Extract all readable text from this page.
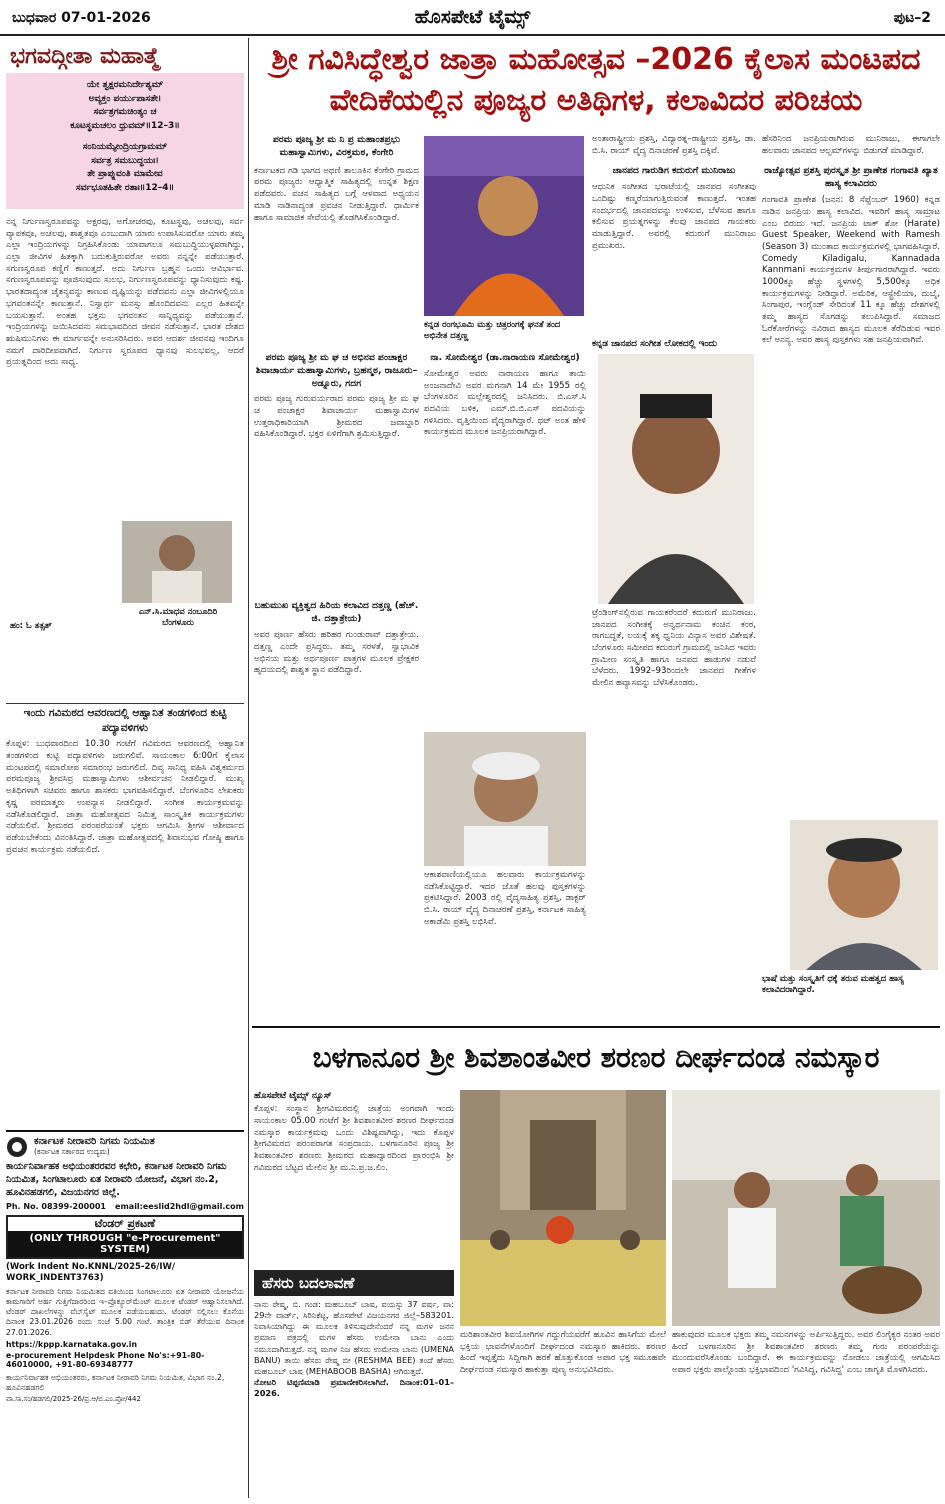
ಹೊಸಪೇಟೆ ಟೈಮ್ಸ್
ಬುಧವಾರ 07-01-2026	ಪುಟ–2
ಭಗವದ್ಗೀತಾ ಮಹಾತ್ಮೆ

ಯೇ ತ್ವಕ್ಷರಮನಿರ್ದೇಶ್ಯಮ್
ಅವ್ಯಕ್ತಂ ಪರ್ಯುಪಾಸತೇ।
ಸರ್ವತ್ರಗಮಚಿಂತ್ಯಂ ಚ
ಕೂಟಸ್ಥಮಚಲಂ ಧ್ರುವಮ್॥12–3॥

ಸಂನಿಯಮ್ಯೇಂದ್ರಿಯಗ್ರಾಮಮ್
ಸರ್ವತ್ರ ಸಮಬುದ್ಧಯಃ।
ತೇ ಪ್ರಾಪ್ನುವಂತಿ ಮಾಮೇವ
ಸರ್ವಭೂತಹಿತೇ ರತಾಃ॥12–4॥

ನನ್ನ ನಿರ್ಗುಣಸ್ವರೂಪವನ್ನು ಅಕ್ಷರವು, ಅಗೋಚರವು, ಕೂಟಸ್ಥವು, ಅಚಲವು, ಸರ್ವ ವ್ಯಾಪಕವೂ, ಅಚಲವು, ಶಾಶ್ವತವೂ ಎಂಬುದಾಗಿ ಯಾರು ಉಪಾಸಿಸುವರೋ ಯಾರು ತಮ್ಮ ಎಲ್ಲಾ ಇಂದ್ರಿಯಗಳನ್ನು ನಿಗ್ರಹಿಸಿಕೊಂಡು ಯಾವಾಗಲೂ ಸಮಬುದ್ಧಿಯುಳ್ಳವರಾಗಿದ್ದು, ಎಲ್ಲಾ ಜೀವಿಗಳ ಹಿತಕ್ಕಾಗಿ ಬದುಕುತ್ತಿರುವರೋ ಅವರು ನನ್ನನ್ನೇ ಪಡೆಯುತ್ತಾರೆ. ಸಗುಣಸ್ವರೂಪ ಕಣ್ಣಿಗೆ ಕಾಣುತ್ತದೆ. ಅದು ನಿರ್ಗುಣ ಬ್ರಹ್ಮನ ಒಂದು ಆವಿರ್ಭಾವ. ಸಗುಣಸ್ವರೂಪವನ್ನು ಪೂಜಿಸುವುದು ಸುಲಭ, ನಿರ್ಗುಣಸ್ವರೂಪವನ್ನು ಧ್ಯಾನಿಸುವುದು ಕಷ್ಟ. ಭಾರತದಾದ್ಯಂತ ಚೈತನ್ಯವನ್ನು ಕಾಣುವ ದೃಷ್ಟಿಯನ್ನು ಪಡೆದವನು ಎಲ್ಲಾ ಜೀವಿಗಳಲ್ಲಿಯೂ ಭಗವಂತನನ್ನೇ ಕಾಣುತ್ತಾನೆ. ನಿಸ್ವಾರ್ಥ ಮನಸ್ಸು ಹೊಂದಿದವನು ಎಲ್ಲರ ಹಿತವನ್ನೇ ಬಯಸುತ್ತಾನೆ. ಅಂತಹ ಭಕ್ತನು ಭಗವಂತನ ಸಾನ್ನಿಧ್ಯವನ್ನು ಪಡೆಯುತ್ತಾನೆ. ಇಂದ್ರಿಯಗಳನ್ನು ಜಯಿಸಿದವನು ಸಮಭಾವದಿಂದ ಜೀವನ ನಡೆಸುತ್ತಾನೆ. ಭಾರತ ದೇಶದ ಋಷಿಮುನಿಗಳು ಈ ಮಾರ್ಗವನ್ನೇ ಅನುಸರಿಸಿದರು. ಅವರ ಆದರ್ಶ ಜೀವನವು ಇಂದಿಗೂ ನಮಗೆ ದಾರಿದೀಪವಾಗಿದೆ. ನಿರ್ಗುಣ ಸ್ವರೂಪದ ಧ್ಯಾನವು ಸುಲಭವಲ್ಲ, ಆದರೆ ಪ್ರಯತ್ನದಿಂದ ಅದು ಸಾಧ್ಯ.
ಎನ್.ಸಿ.ಮಾಧವ ನಂಬೂದಿರಿ
ಬೆಂಗಳೂರು
ಹಂ: ಓ ತತ್ಸತ್
ಇಂದು ಗವಿಮಠದ ಆವರಣದಲ್ಲಿ ಆಹ್ವಾನಿತ ತಂಡಗಳಿಂದ ಕುಟ್ಟಿ ಪದ್ಯಾವಳಿಗಳು
ಕೊಪ್ಪಳ: ಬುಧವಾರದಿಂದ 10.30 ಗಂಟೆಗೆ ಗವಿಮಠದ ಆವರಣದಲ್ಲಿ ಆಹ್ವಾನಿತ ತಂಡಗಳಿಂದ ಕುಟ್ಟಿ ಪದ್ಯಾವಳಿಗಳು ಜರುಗಲಿವೆ. ಸಾಯಂಕಾಲ 6:00ಗೆ ಕೈಲಾಸ ಮಂಟಪದಲ್ಲಿ ಸಮಾರೋಪ ಸಮಾರಂಭ ಜರುಗಲಿದೆ. ದಿವ್ಯ ಸಾನಿಧ್ಯ ವಹಿಸಿ ವಿಶ್ವಕರ್ಮದ ಪರಮಪೂಜ್ಯ ಶ್ರೀವಸಿವ್ರ ಮಹಾಸ್ವಾಮಿಗಳು ಆಶೀರ್ವಚನ ನೀಡಲಿದ್ದಾರೆ. ಮುಖ್ಯ ಅತಿಥಿಗಳಾಗಿ ಸಚಿವರು ಹಾಗೂ ಶಾಸಕರು ಭಾಗವಹಿಸಲಿದ್ದಾರೆ. ಬೆಂಗಳೂರಿನ ಲೇಖಕರು ಕೃಷ್ಣ ಪರಮಾತ್ಮರು ಉಪನ್ಯಾಸ ನೀಡಲಿದ್ದಾರೆ. ಸಂಗೀತ ಕಾರ್ಯಕ್ರಮವನ್ನು ನಡೆಸಿಕೊಡಲಿದ್ದಾರೆ. ಜಾತ್ರಾ ಮಹೋತ್ಸವದ ನಿಮಿತ್ತ ಸಾಂಸ್ಕೃತಿಕ ಕಾರ್ಯಕ್ರಮಗಳು ನಡೆಯಲಿವೆ. ಶ್ರೀಮಠದ ಪರಂಪರೆಯಂತೆ ಭಕ್ತರು ಆಗಮಿಸಿ ಶ್ರೀಗಳ ಆಶೀರ್ವಾದ ಪಡೆಯಬೇಕೆಂದು ವಿನಂತಿಸಿದ್ದಾರೆ. ಜಾತ್ರಾ ಮಹೋತ್ಸವದಲ್ಲಿ ಶಿವಾನುಭವ ಗೋಷ್ಠಿ ಹಾಗೂ ಪ್ರವಚನ ಕಾರ್ಯಕ್ರಮ ನಡೆಯಲಿದೆ.
ಕರ್ನಾಟಕ ನೀರಾವರಿ ನಿಗಮ ನಿಯಮಿತ
(ಕರ್ನಾಟಕ ಸರ್ಕಾರದ ಉದ್ಯಮ)
ಕಾರ್ಯನಿರ್ವಾಹಕ ಅಭಿಯಂತರರವರ ಕಛೇರಿ, ಕರ್ನಾಟಕ ನೀರಾವರಿ ನಿಗಮ ನಿಯಮಿತ, ಸಿಂಗಟಾಲೂರು ಏತ ನೀರಾವರಿ ಯೋಜನೆ, ವಿಭಾಗ ನಂ.2, ಹೂವಿನಹಡಗಲಿ, ವಿಜಯನಗರ ಜಿಲ್ಲೆ.
Ph. No. 08399-200001 email:eeslid2hdl@gmail.com
ಟೆಂಡರ್ ಪ್ರಕಟಣೆ
(ONLY THROUGH "e-Procurement" SYSTEM)
(Work Indent No.KNNL/2025-26/IW/
WORK_INDENT3763)
ಕರ್ನಾಟಕ ನೀರಾವರಿ ನಿಗಮ ನಿಯಮಿತದ ವತಿಯಿಂದ ಸಿಂಗಟಾಲೂರು ಏತ ನೀರಾವರಿ ಯೋಜನೆಯ ಕಾಮಗಾರಿಗೆ ಅರ್ಹ ಗುತ್ತಿಗೆದಾರರಿಂದ ಇ–ಪ್ರೊಕ್ಯೂರ್‌ಮೆಂಟ್ ಮೂಲಕ ಟೆಂಡರ್ ಆಹ್ವಾನಿಸಲಾಗಿದೆ. ಟೆಂಡರ್ ದಾಖಲೆಗಳನ್ನು ವೆಬ್‌ಸೈಟ್ ಮೂಲಕ ಪಡೆಯಬಹುದು. ಟೆಂಡರ್ ಸಲ್ಲಿಸಲು ಕೊನೆಯ ದಿನಾಂಕ 23.01.2026 ರಂದು ಸಂಜೆ 5.00 ಗಂಟೆ. ತಾಂತ್ರಿಕ ಬಿಡ್ ತೆರೆಯುವ ದಿನಾಂಕ 27.01.2026.
https://kppp.karnataka.gov.in
e-procurement Helpdesk Phone No's:+91-80-46010000, +91-80-69348777
ಕಾರ್ಯನಿರ್ವಾಹಕ ಅಭಿಯಂತರರು, ಕರ್ನಾಟಕ ನೀರಾವರಿ ನಿಗಮ ನಿಯಮಿತ, ವಿಭಾಗ ನಂ.2, ಹೂವಿನಹಡಗಲಿ
ವಾ.ಸಾ.ಸಂ/ಹಡಗಲಿ/2025-26/ಪ್ರ.ಆ/ಬಿ.ಎಂ.ಪ್ರೋ/442
ಶ್ರೀ ಗವಿಸಿದ್ಧೇಶ್ವರ ಜಾತ್ರಾ ಮಹೋತ್ಸವ –2026 ಕೈಲಾಸ ಮಂಟಪದ
ವೇದಿಕೆಯಲ್ಲಿನ ಪೂಜ್ಯರ ಅತಿಥಿಗಳ, ಕಲಾವಿದರ ಪರಿಚಯ
ಪರಮ ಪೂಜ್ಯ ಶ್ರೀ ಮ ನಿ ಪ್ರ ಮಹಾಂತಪ್ರಭು ಮಹಾಸ್ವಾಮಿಗಳು, ವಿರಕ್ತಮಠ, ಕೆಂಗೇರಿ
ಕರ್ನಾಟಕದ ಗಡಿ ಭಾಗದ ಅಥಣಿ ತಾಲೂಕಿನ ಕೆಂಗೇರಿ ಗ್ರಾಮದ ಪರಮ ಪೂಜ್ಯರು ಆಧ್ಯಾತ್ಮಿಕ ಸಾಹಿತ್ಯದಲ್ಲಿ ಉನ್ನತ ಶಿಕ್ಷಣ ಪಡೆದವರು. ವಚನ ಸಾಹಿತ್ಯದ ಬಗ್ಗೆ ಆಳವಾದ ಅಧ್ಯಯನ ಮಾಡಿ ನಾಡಿನಾದ್ಯಂತ ಪ್ರವಚನ ನೀಡುತ್ತಿದ್ದಾರೆ. ಧಾರ್ಮಿಕ ಹಾಗೂ ಸಾಮಾಜಿಕ ಸೇವೆಯಲ್ಲಿ ತೊಡಗಿಸಿಕೊಂಡಿದ್ದಾರೆ.
ಪರಮ ಪೂಜ್ಯ ಶ್ರೀ ಮ ಘ ಚ ಅಭಿನವ ಪಂಚಾಕ್ಷರ ಶಿವಾಚಾರ್ಯ ಮಹಾಸ್ವಾಮಿಗಳು, ಬ್ರಹನ್ಮಠ, ರಾಜೂರು–ಅಡ್ನೂರು, ಗದಗ
ಪರಮ ಪೂಜ್ಯ ಗುರುವರ್ಯರಾದ ಪರಮ ಪೂಜ್ಯ ಶ್ರೀ ಮ ಘ ಚ ಪಂಚಾಕ್ಷರ ಶಿವಾಚಾರ್ಯ ಮಹಾಸ್ವಾಮಿಗಳ ಉತ್ತರಾಧಿಕಾರಿಯಾಗಿ ಶ್ರೀಮಠದ ಜವಾಬ್ದಾರಿ ವಹಿಸಿಕೊಂಡಿದ್ದಾರೆ. ಭಕ್ತರ ಏಳಿಗೆಗಾಗಿ ಶ್ರಮಿಸುತ್ತಿದ್ದಾರೆ.
ಬಹುಮುಖ ವ್ಯಕ್ತಿತ್ವದ ಹಿರಿಯ ಕಲಾವಿದ ದತ್ತಣ್ಣ (ಹೆಚ್. ಜಿ. ದತ್ತಾತ್ರೇಯ)
ಅವರ ಪೂರ್ಣ ಹೆಸರು ಹರಿಹರ ಗುಂಡುರಾವ್ ದತ್ತಾತ್ರೇಯ. ದತ್ತಣ್ಣ ಎಂದೇ ಪ್ರಸಿದ್ಧರು. ತಮ್ಮ ಸರಳತೆ, ಸ್ವಾಭಾವಿಕ ಅಭಿನಯ ಮತ್ತು ಅರ್ಥಪೂರ್ಣ ಪಾತ್ರಗಳ ಮೂಲಕ ಪ್ರೇಕ್ಷಕರ ಹೃದಯದಲ್ಲಿ ಶಾಶ್ವತ ಸ್ಥಾನ ಪಡೆದಿದ್ದಾರೆ.
ಕನ್ನಡ ರಂಗಭೂಮಿ ಮತ್ತು ಚಿತ್ರರಂಗಕ್ಕೆ ಘನತೆ ತಂದ ಅಭಿನೇತ ದತ್ತಣ್ಣ
ನಾ. ಸೋಮೇಶ್ವರ (ಡಾ.ನಾರಾಯಣ ಸೋಮೇಶ್ವರ)
ಸೋಮೇಶ್ವರ ಅವರು ನಾರಾಯಣ ಹಾಗೂ ತಾಯಿ ಅಂಜನಾದೇವಿ ಅವರ ಮಗನಾಗಿ 14 ಮೇ 1955 ರಲ್ಲಿ ಬೆಂಗಳೂರಿನ ಮಲ್ಲೇಶ್ವರದಲ್ಲಿ ಜನಿಸಿದರು. ಬಿ.ಎಸ್.ಸಿ ಪದವಿಯ ಬಳಿಕ, ಎಮ್.ಬಿ.ಬಿ.ಎಸ್ ಪದವಿಯನ್ನು ಗಳಿಸಿದರು. ವೃತ್ತಿಯಿಂದ ವೈದ್ಯರಾಗಿದ್ದಾರೆ. ಥಟ್ ಅಂತ ಹೇಳಿ ಕಾರ್ಯಕ್ರಮದ ಮೂಲಕ ಜನಪ್ರಿಯರಾಗಿದ್ದಾರೆ.
ಆಕಾಶವಾಣಿಯಲ್ಲಿಯೂ ಹಲವಾರು ಕಾರ್ಯಕ್ರಮಗಳನ್ನು ನಡೆಸಿಕೊಟ್ಟಿದ್ದಾರೆ. ಇದರ ಜೊತೆ ಹಲವು ಪುಸ್ತಕಗಳನ್ನು ಪ್ರಕಟಿಸಿದ್ದಾರೆ. 2003 ರಲ್ಲಿ ವೈದ್ಯಸಾಹಿತ್ಯ ಪ್ರಶಸ್ತಿ, ಡಾಕ್ಟರ್ ಬಿ.ಸಿ. ರಾಯ್ ವೈದ್ಯ ದಿನಾಚರಣೆ ಪ್ರಶಸ್ತಿ, ಕರ್ನಾಟಕ ಸಾಹಿತ್ಯ ಅಕಾಡೆಮಿ ಪ್ರಶಸ್ತಿ ಲಭಿಸಿವೆ.
ಅಂತಾರಾಷ್ಟ್ರೀಯ ಪ್ರಶಸ್ತಿ, ವಿದ್ಯಾರತ್ನ–ರಾಷ್ಟ್ರೀಯ ಪ್ರಶಸ್ತಿ, ಡಾ. ಬಿ.ಸಿ. ರಾಯ್ ವೈದ್ಯ ದಿನಾಚರಣೆ ಪ್ರಶಸ್ತಿ ದಕ್ಕಿವೆ.
ಜಾನಪದ ಗಾರುಡಿಗ ಕದುರುಗೆ ಮುನಿರಾಜು
ಆಧುನಿಕ ಸಂಗೀತದ ಭರಾಟೆಯಲ್ಲಿ ಜಾನಪದ ಸಂಗೀತವು ಒಂದಿಷ್ಟು ಕಣ್ಮರೆಯಾಗುತ್ತಿರುವಂತೆ ಕಾಣುತ್ತದೆ. ಇಂತಹ ಸಂದರ್ಭದಲ್ಲಿ ಜಾನಪದವನ್ನು ಉಳಿಸುವ, ಬೆಳೆಸುವ ಹಾಗೂ ಕಲಿಸುವ ಪ್ರಯತ್ನಗಳನ್ನು ಕೆಲವು ಜಾನಪದ ಗಾಯಕರು ಮಾಡುತ್ತಿದ್ದಾರೆ. ಅವರಲ್ಲಿ ಕದುರುಗೆ ಮುನಿರಾಜು ಪ್ರಮುಖರು.
ಕನ್ನಡ ಜಾನಪದ ಸಂಗೀತ ಲೋಕದಲ್ಲಿ ಇಂದು
ಟ್ರೆಂಡಿಂಗ್‌ನಲ್ಲಿರುವ ಗಾಯಕರೆಂದರೆ ಕದುರುಗೆ ಮುನಿರಾಜು. ಜಾನಪದ ಸಂಗೀತಕ್ಕೆ ಅನ್ವರ್ಥನಾಮ ಕಂಚಿನ ಕಂಠ, ರಾಗಬದ್ಧತೆ, ಲಯಕ್ಕೆ ತಕ್ಕ ಧ್ವನಿಯ ವಿನ್ಯಾಸ ಅವರ ವಿಶೇಷತೆ. ಬೆಂಗಳೂರು ಸಮೀಪದ ಕದುರುಗೆ ಗ್ರಾಮದಲ್ಲಿ ಜನಿಸಿದ ಇವರು ಗ್ರಾಮೀಣ ಸಂಸ್ಕೃತಿ ಹಾಗೂ ಜನಪದ ಹಾಡುಗಳ ನಡುವೆ ಬೆಳೆದರು. 1992–93ರಿಂದಲೇ ಜಾನಪದ ಗೀತೆಗಳ ಮೇಲಿನ ಹವ್ಯಾಸವನ್ನು ಬೆಳೆಸಿಕೊಂಡರು.
ಹೆಸರಿನಿಂದ ಜನಪ್ರಿಯರಾಗಿರುವ ಮುನಿರಾಜು, ಈಗಾಗಲೇ ಹಲವಾರು ಜಾನಪದ ಆಲ್ಬಮ್‌ಗಳನ್ನು ಬಿಡುಗಡೆ ಮಾಡಿದ್ದಾರೆ.
ರಾಜ್ಯೋತ್ಸವ ಪ್ರಶಸ್ತಿ ಪುರಸ್ಕೃತ ಶ್ರೀ ಪ್ರಾಣೇಶ ಗಂಗಾವತಿ ಖ್ಯಾತ ಹಾಸ್ಯ ಕಲಾವಿದರು
ಗಂಗಾವತಿ ಪ್ರಾಣೇಶ (ಜನನ: 8 ಸೆಪ್ಟೆಂಬರ್ 1960) ಕನ್ನಡ ನಾಡಿನ ಜನಪ್ರಿಯ ಹಾಸ್ಯ ಕಲಾವಿದ. ಇವರಿಗೆ ಹಾಸ್ಯ ಸಾಮ್ರಾಟ ಎಂಬ ಬಿರುದು ಇದೆ. ಜನಪ್ರಿಯ ಟಾಕ್ ಶೋ (Harate) Guest Speaker, Weekend with Ramesh (Season 3) ಮುಂತಾದ ಕಾರ್ಯಕ್ರಮಗಳಲ್ಲಿ ಭಾಗವಹಿಸಿದ್ದಾರೆ. Comedy Kiladigalu, Kannadada Kannmani ಕಾರ್ಯಕ್ರಮಗಳ ತೀರ್ಪುಗಾರರಾಗಿದ್ದಾರೆ. ಇವರು 1000ಕ್ಕೂ ಹೆಚ್ಚು ಸ್ಥಳಗಳಲ್ಲಿ 5,500ಕ್ಕೂ ಅಧಿಕ ಕಾರ್ಯಕ್ರಮಗಳನ್ನು ನೀಡಿದ್ದಾರೆ. ಅಮೆರಿಕ, ಆಸ್ಟ್ರೇಲಿಯಾ, ದುಬೈ, ಸಿಂಗಾಪುರ, ಇಂಗ್ಲೆಂಡ್ ಸೇರಿದಂತೆ 11 ಕ್ಕೂ ಹೆಚ್ಚು ದೇಶಗಳಲ್ಲಿ ತಮ್ಮ ಹಾಸ್ಯದ ಸೊಗಡನ್ನು ತಲುಪಿಸಿದ್ದಾರೆ. ಸಮಾಜದ ಓರೆಕೋರೆಗಳನ್ನು ನವಿರಾದ ಹಾಸ್ಯದ ಮೂಲಕ ತೆರೆದಿಡುವ ಇವರ ಕಲೆ ಅನನ್ಯ. ಅವರ ಹಾಸ್ಯ ಪುಸ್ತಕಗಳು ಸಹ ಜನಪ್ರಿಯವಾಗಿವೆ.
ಭಾಷೆ ಮತ್ತು ಸಂಸ್ಕೃತಿಗೆ ಧಕ್ಕೆ ತರುವ ಮಹತ್ವದ ಹಾಸ್ಯ ಕಲಾವಿದರಾಗಿದ್ದಾರೆ.
ಬಳಗಾನೂರ ಶ್ರೀ ಶಿವಶಾಂತವೀರ ಶರಣರ ದೀರ್ಘದಂಡ ನಮಸ್ಕಾರ
ಹೊಸಪೇಟೆ ಟೈಮ್ಸ್ ನ್ಯೂಸ್
ಕೊಪ್ಪಳ: ಸಂಸ್ಥಾನ ಶ್ರೀಗವಿಮಠದಲ್ಲಿ ಜಾತ್ರೆಯ ಅಂಗವಾಗಿ ಇಂದು ಸಾಯಂಕಾಲ 05.00 ಗಂಟೆಗೆ ಶ್ರೀ ಶಿವಶಾಂತವೀರ ಶರಣರ ದೀರ್ಘದಂಡ ನಮಸ್ಕಾರ ಕಾರ್ಯಕ್ರಮವು ಒಂದು ವಿಶಿಷ್ಟವಾಗಿದ್ದು, ಇದು ಕೊಪ್ಪಳ ಶ್ರೀಗವಿಮಠದ ಪರಂಪರಾಗತ ಸಂಪ್ರದಾಯ. ಬಳಗಾನೂರಿನ ಪೂಜ್ಯ ಶ್ರೀ ಶಿವಶಾಂತವೀರ ಶರಣರು ಶ್ರೀಮಠದ ಮಹಾದ್ವಾರದಿಂದ ಪ್ರಾರಂಭಿಸಿ ಶ್ರೀ ಗವಿಮಠದ ಬೆಟ್ಟದ ಮೇಲಿನ ಶ್ರೀ ಮ.ನಿ.ಪ್ರ.ಜ.ಲಿಂ.
ಹೆಸರು ಬದಲಾವಣೆ
ನಾನು ರೇಷ್ಮ, ಬಿ. ಗಂಡ: ಮಹಬೂಬ್ ಬಾಷ, ವಯಸ್ಸು 37 ವರ್ಷ, ವಾ: 29ನೇ ವಾರ್ಡ್, ಸಿರಿನಿಕೆಟ್ಟ, ಹೊಸಪೇಟೆ ವಿಜಯನಗರ ಜಿಲ್ಲೆ–583201. ನಿವಾಸಿಯಾಗಿದ್ದು ಈ ಮೂಲಕ ತಿಳಿಸುವುದೇನೆಂದರೆ ನನ್ನ ಮಗಳ ಜನನ ಪ್ರಮಾಣ ಪತ್ರದಲ್ಲಿ ಮಗಳ ಹೆಸರು ಉಮೇನಾ ಬಾನು ಎಂದು ನಮೂದಾಗಿರುತ್ತದೆ. ನನ್ನ ಮಗಳ ನಿಜ ಹೆಸರು ಉಮೇನಾ ಬಾನು (UMENA BANU) ತಾಯಿ ಹೆಸರು ರೇಷ್ಮ ಬೀ (RESHMA BEE) ತಂದೆ ಹೆಸರು ಮಹಬೂಬ್ ಬಾಷ (MEHABOOB BASHA) ಆಗಿರುತ್ತದೆ.
ನೋಟರಿ ಟಿಪ್ಪಣಿಮಾಡಿ ಪ್ರಮಾಣೀಕರಿಸಲಾಗಿದೆ. ದಿನಾಂಕ:01–01–2026.
ಮರಿಶಾಂತವೀರ ಶಿವಯೋಗಿಗಳ ಗದ್ದುಗೆಯವರೆಗೆ ಹೂವಿನ ಹಾಸಿಗೆಯ ಮೇಲೆ ಭಕ್ತಿಯ ಭಾವನೆಗಳೊಂದಿಗೆ ದೀರ್ಘದಂಡ ನಮಸ್ಕಾರ ಹಾಕಿದರು. ಶರಣರ ಹಿಂದೆ ಇಪ್ಪತ್ತೈದು ಸಿದ್ದಿಗಾಗಿ ಹರಕೆ ಹೊತ್ತುಕೊಂಡ ಅಪಾರ ಭಕ್ತ ಸಮೂಹವೇ ದೀರ್ಘದಂಡ ನಮಸ್ಕಾರ ಹಾಕುತ್ತಾ ಪುಣ್ಯ ಅನುಭವಿಸಿದರು.
ಹಾಕುವುದರ ಮೂಲಕ ಭಕ್ತರು ತಮ್ಮ ನಮನಗಳನ್ನು ಅರ್ಪಿಸುತ್ತಿದ್ದರು. ಅವರ ಲಿಂಗೈಕ್ಯರ ನಂತರ ಅವರ ಹಿಂದೆ ಬಳಗಾನೂರಿನ ಶ್ರೀ ಶಿವಶಾಂತವೀರ ಶರಣರು ತಮ್ಮ ಗುರು ಪರಂಪರೆಯನ್ನು ಮುಂದುವರೆಸಿಕೊಂಡು ಬಂದಿದ್ದಾರೆ. ಈ ಕಾರ್ಯಕ್ರಮವನ್ನು ನೋಡಲು ಜಾತ್ರೆಯಲ್ಲಿ ಆಗಮಿಸಿದ ಅಪಾರ ಭಕ್ತರು ಪಾಲ್ಗೊಂಡು ಭಕ್ತಿಭಾವದಿಂದ 'ಗವಿಸಿದ್ಧ, ಗವಿಸಿದ್ಧ' ಎಂಬ ಜಾಗೃತಿ ಮೊಳಗಿಸಿದರು.
